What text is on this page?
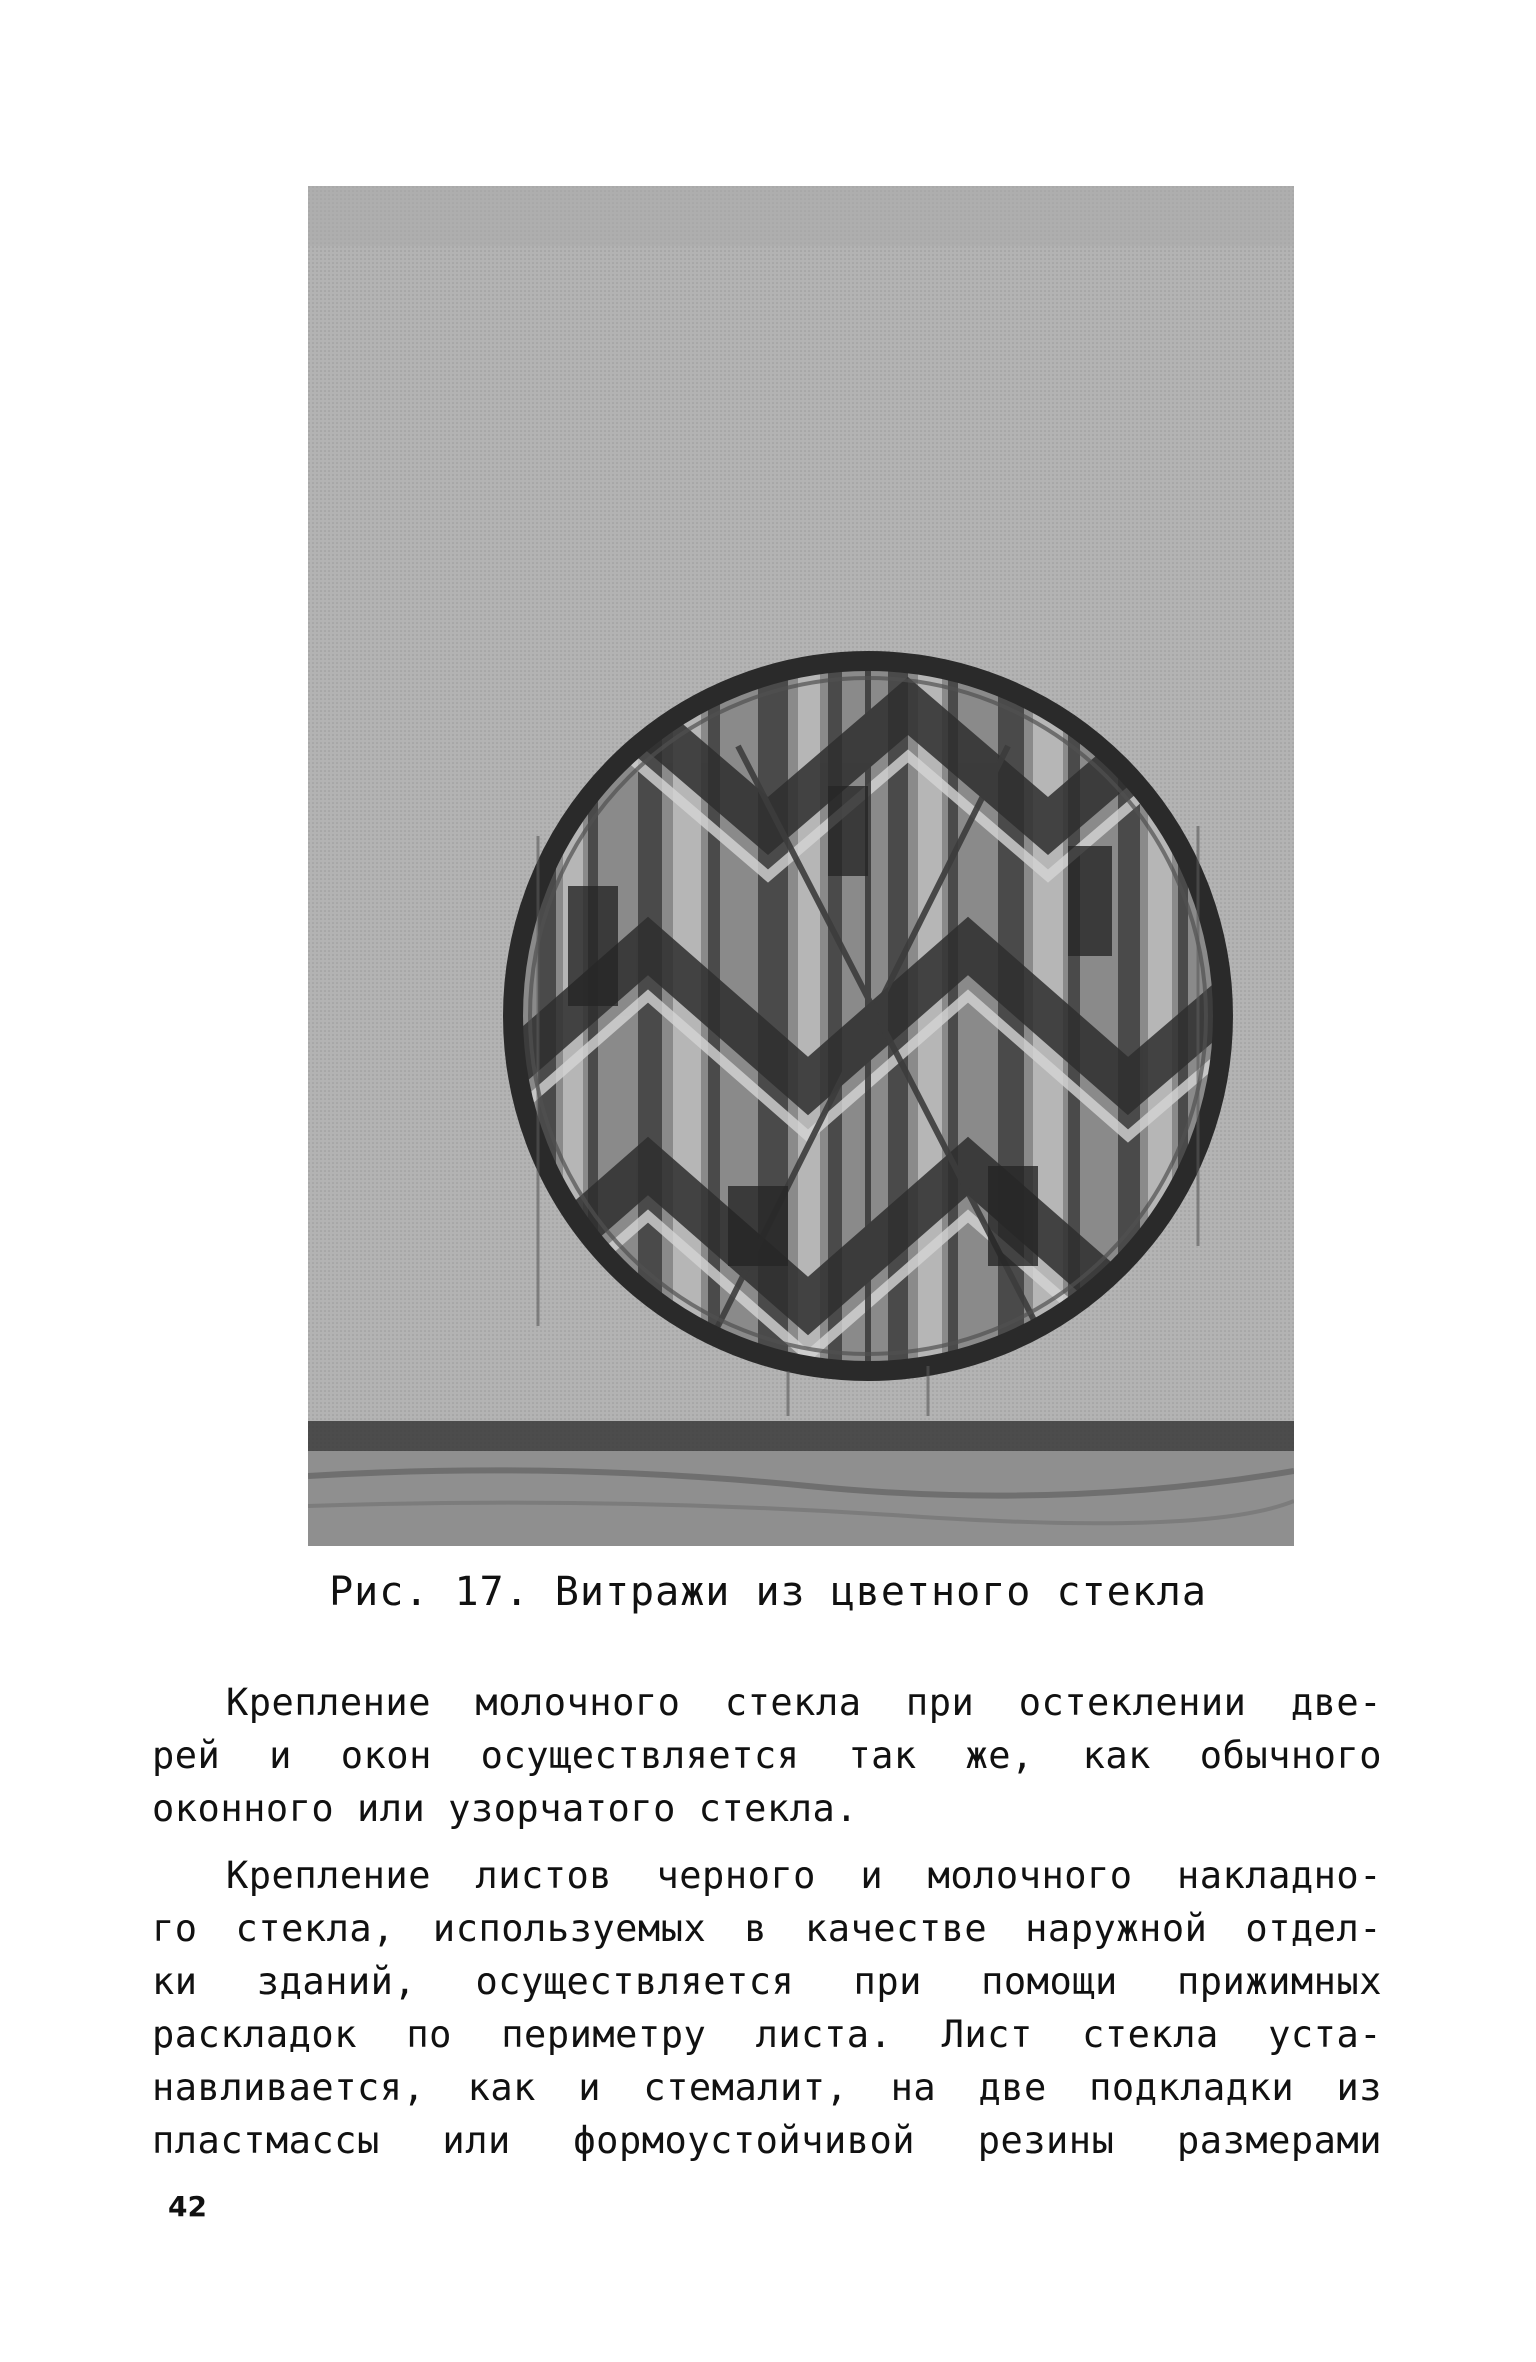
Рис. 17. Витражи из цветного стекла
Крепление молочного стекла при остеклении две-
рей и окон осуществляется так же, как обычного
оконного или узорчатого стекла.
Крепление листов черного и молочного накладно-
го стекла, используемых в качестве наружной отдел-
ки зданий, осуществляется при помощи прижимных
раскладок по периметру листа. Лист стекла уста-
навливается, как и стемалит, на две подкладки из
пластмассы или формоустойчивой резины размерами
42
